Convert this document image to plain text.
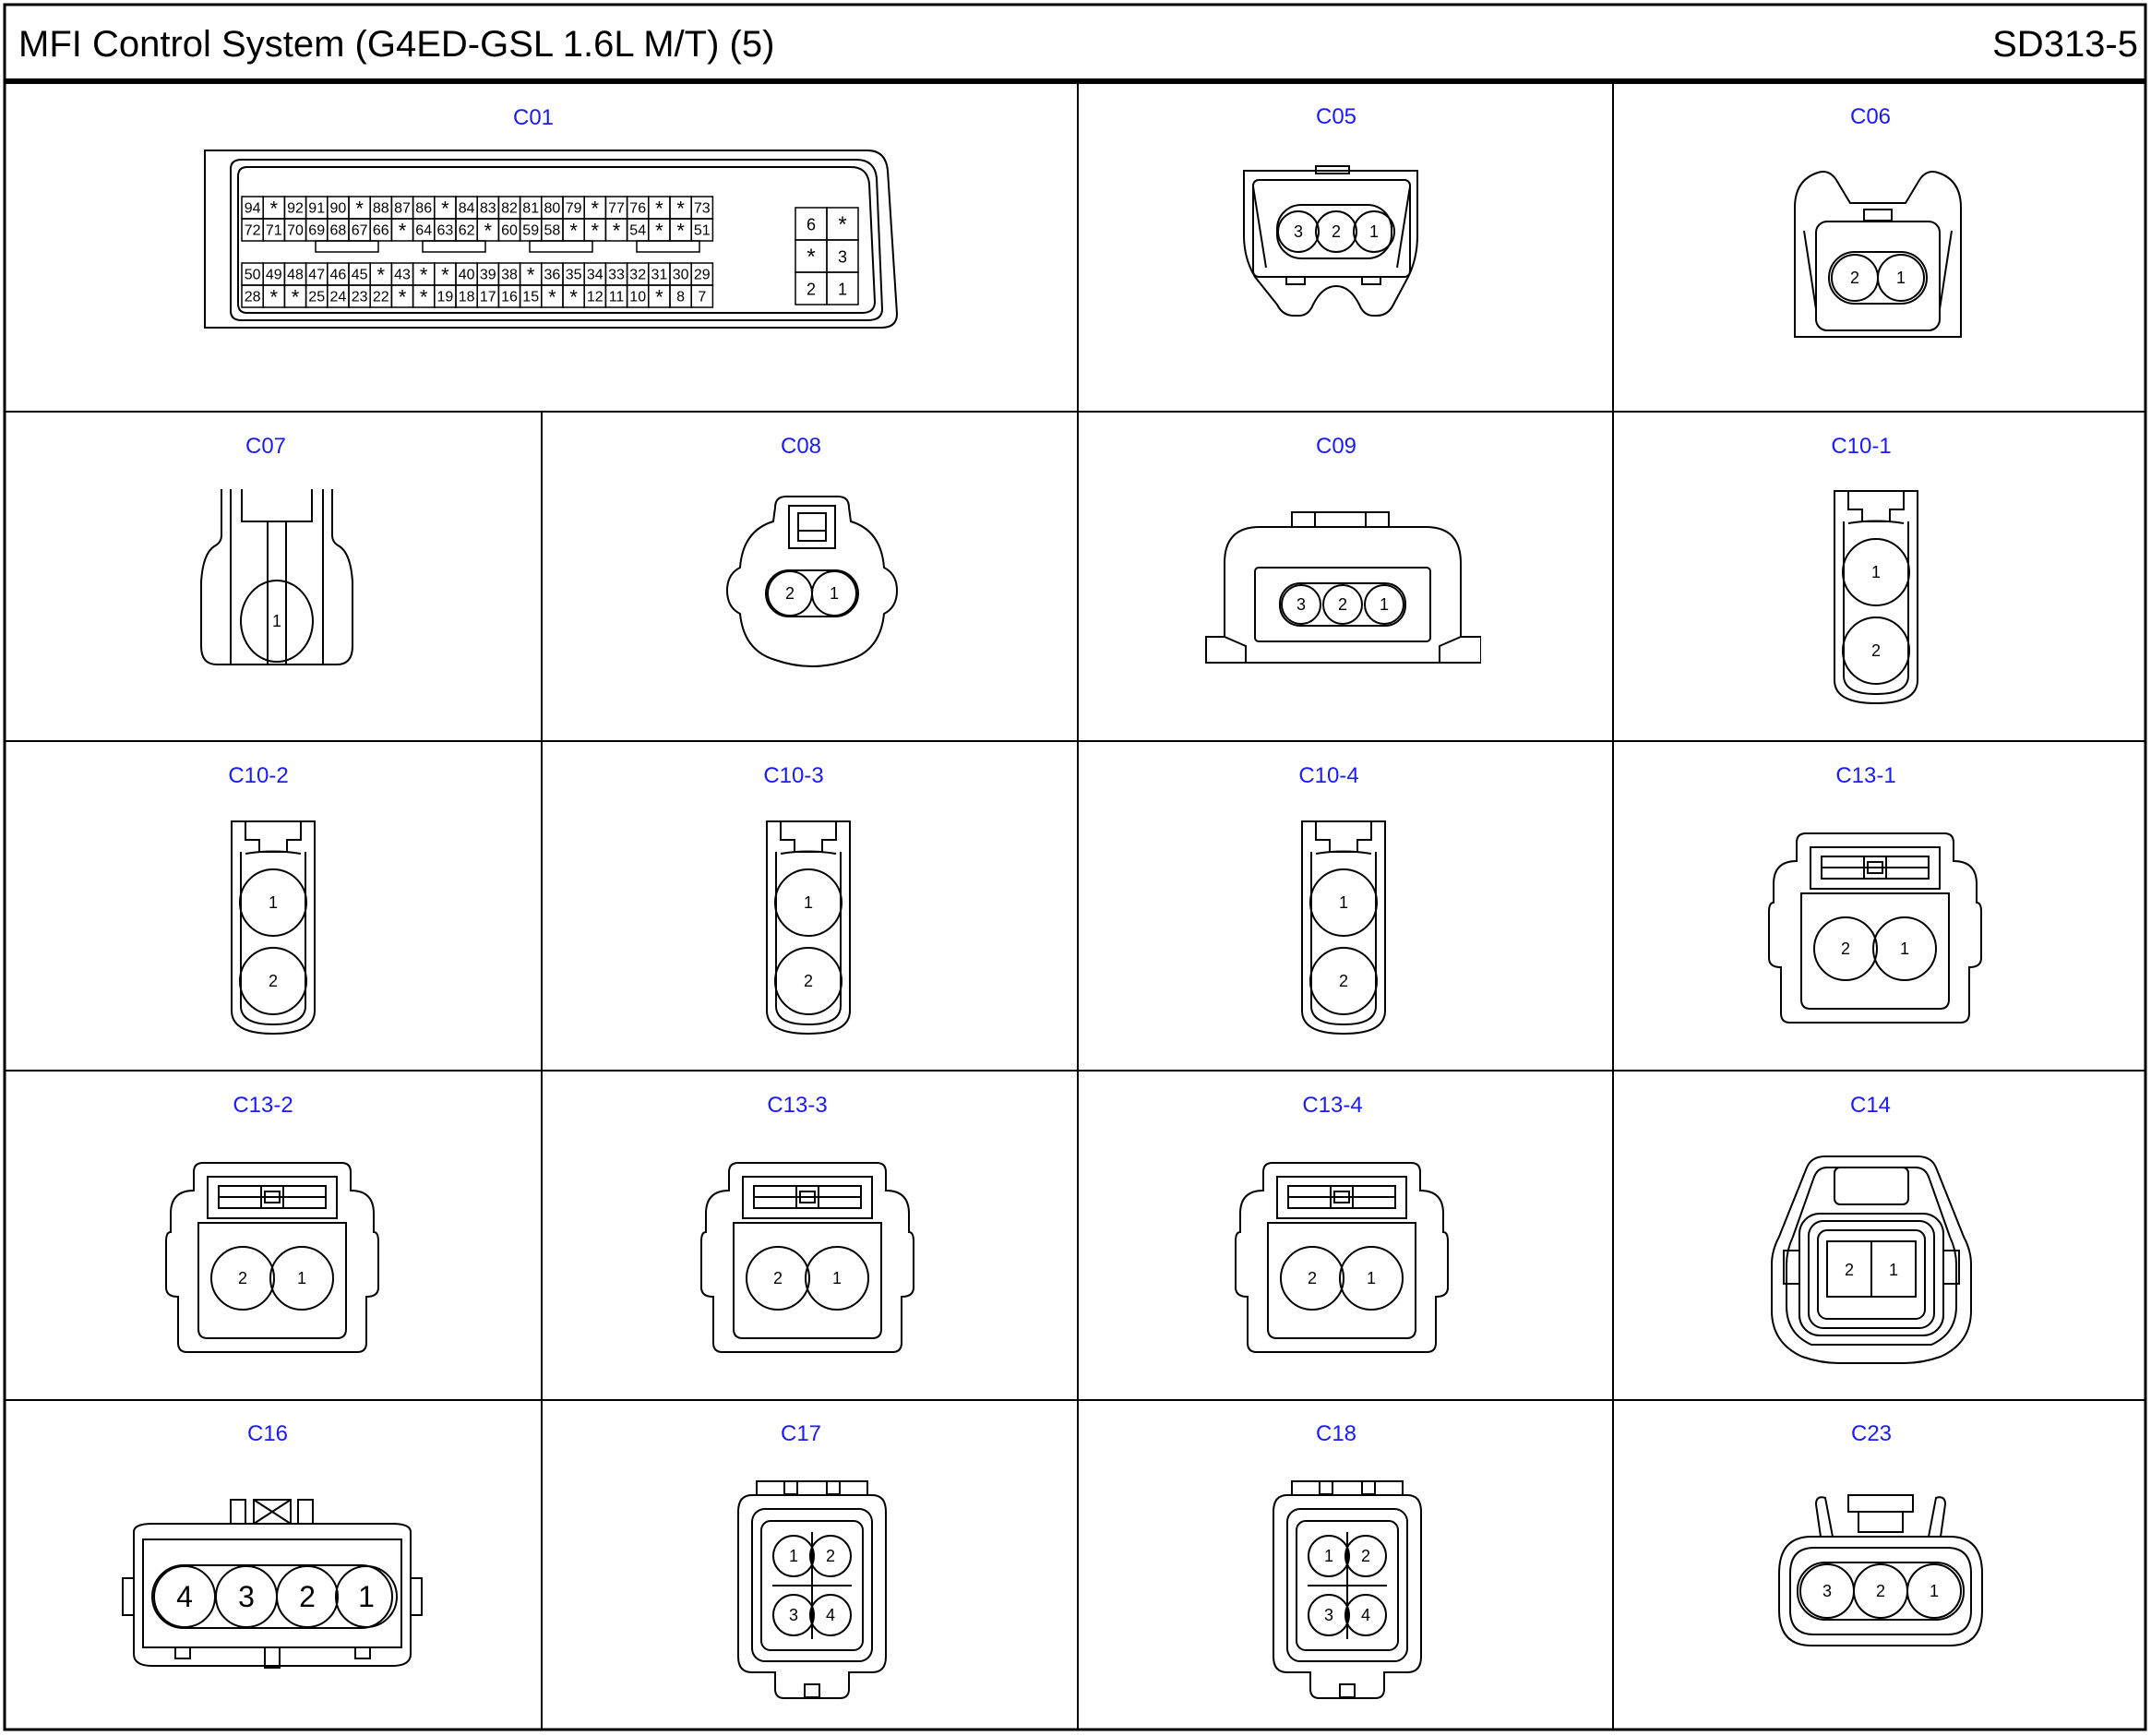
MFI Control System (G4ED-GSL 1.6L M/T) (5)	SD313-5
C01
94 * 92 91 90 * 88 87 86 * 84 83 82 81 80 79 * 77 76 * * 73
72 71 70 69 68 67 66 * 64 63 62 * 60 59 58 * * * 54 * * 51
50 49 48 47 46 45 * 43 * * 40 39 38 * 36 35 34 33 32 31 30 29
28 * * 25 24 23 22 * * 19 18 17 16 15 * * 12 11 10 * 8 7
6 *
* 3
2 1
C05
3 2 1
C06
2 1
C07
1
C08
2 1
C09
3 2 1
C10-1
1
2
C10-2
1
2
C10-3
1
2
C10-4
1
2
C13-1
2	1
C13-2
2	1
C13-3
2	1
C13-4
2	1
C14
2 1
C16
4 3 2 1
C17
1 2
3 4
C18
1 2
3 4
C23
3	2	1
